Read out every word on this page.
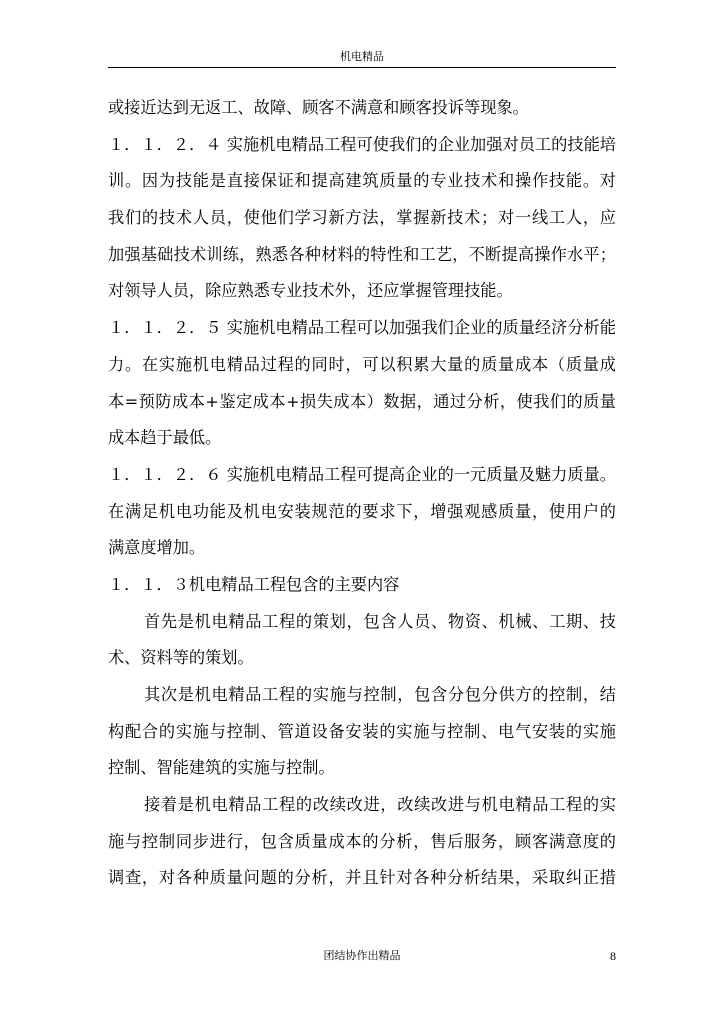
机电精品
或接近达到无返工、故障、顾客不满意和顾客投诉等现象。
１．１．２．４ 实施机电精品工程可使我们的企业加强对员工的技能培
训。因为技能是直接保证和提高建筑质量的专业技术和操作技能。对
我们的技术人员，使他们学习新方法，掌握新技术；对一线工人，应
加强基础技术训练，熟悉各种材料的特性和工艺，不断提高操作水平；
对领导人员，除应熟悉专业技术外，还应掌握管理技能。
１．１．２．５ 实施机电精品工程可以加强我们企业的质量经济分析能
力。在实施机电精品过程的同时，可以积累大量的质量成本（质量成
本=预防成本+鉴定成本+损失成本）数据，通过分析，使我们的质量
成本趋于最低。
１．１．２．６ 实施机电精品工程可提高企业的一元质量及魅力质量。
在满足机电功能及机电安装规范的要求下，增强观感质量，使用户的
满意度增加。
１．１．３机电精品工程包含的主要内容
首先是机电精品工程的策划，包含人员、物资、机械、工期、技
术、资料等的策划。
其次是机电精品工程的实施与控制，包含分包分供方的控制，结
构配合的实施与控制、管道设备安装的实施与控制、电气安装的实施
控制、智能建筑的实施与控制。
接着是机电精品工程的改续改进，改续改进与机电精品工程的实
施与控制同步进行，包含质量成本的分析，售后服务，顾客满意度的
调查，对各种质量问题的分析，并且针对各种分析结果，采取纠正措
团结协作出精品	8
